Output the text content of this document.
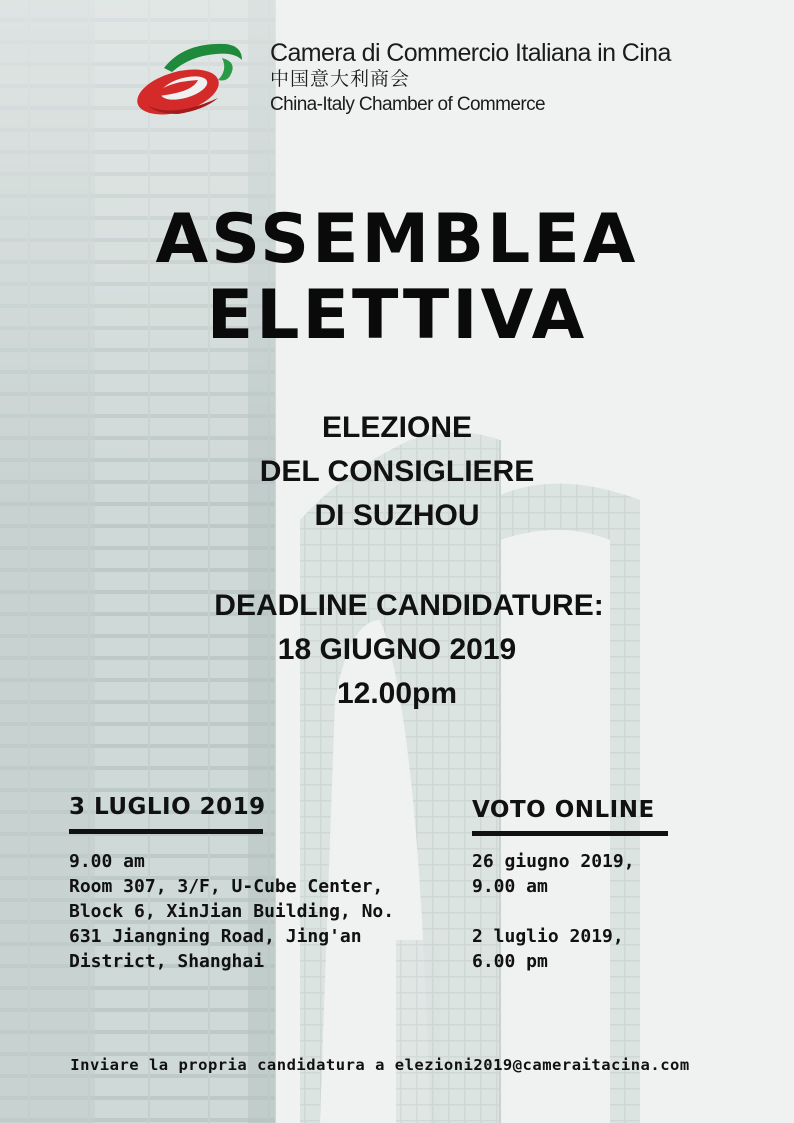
Camera di Commercio Italiana in Cina
中国意大利商会
China-Italy Chamber of Commerce
ASSEMBLEA
ELETTIVA
ELEZIONE
DEL CONSIGLIERE
DI SUZHOU
DEADLINE CANDIDATURE:
18 GIUGNO 2019
12.00pm
3 LUGLIO 2019
9.00 am
Room 307, 3/F, U-Cube Center,
Block 6, XinJian Building, No.
631 Jiangning Road, Jing'an
District, Shanghai
VOTO ONLINE
26 giugno 2019,
9.00 am
2 luglio 2019,
6.00 pm
Inviare la propria candidatura a elezioni2019@cameraitacina.com
